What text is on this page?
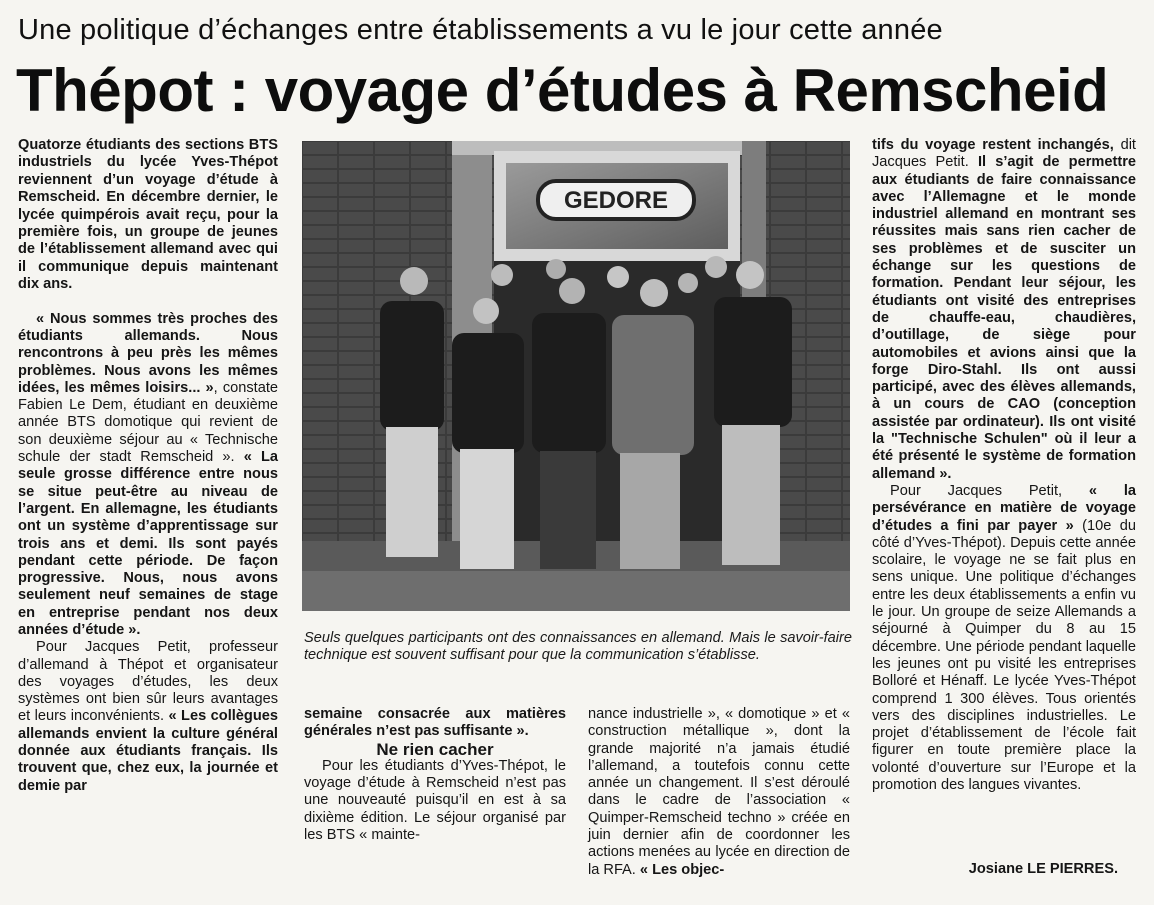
Une politique d’échanges entre établissements a vu le jour cette année
Thépot : voyage d’études à Remscheid

Quatorze étudiants des sections BTS industriels du lycée Yves-Thépot reviennent d’un voyage d’étude à Remscheid. En décembre dernier, le lycée quimpérois avait reçu, pour la première fois, un groupe de jeunes de l’établissement allemand avec qui il communique depuis maintenant dix ans.

« Nous sommes très proches des étudiants allemands. Nous rencontrons à peu près les mêmes problèmes. Nous avons les mêmes idées, les mêmes loisirs... », constate Fabien Le Dem, étudiant en deuxième année BTS domotique qui revient de son deuxième séjour au « Technische schule der stadt Remscheid ». « La seule grosse différence entre nous se situe peut-être au niveau de l’argent. En allemagne, les étudiants ont un système d’apprentissage sur trois ans et demi. Ils sont payés pendant cette période. De façon progressive. Nous, nous avons seulement neuf semaines de stage en entreprise pendant nos deux années d’étude ».

Pour Jacques Petit, professeur d’allemand à Thépot et organisateur des voyages d’études, les deux systèmes ont bien sûr leurs avantages et leurs inconvénients. « Les collègues allemands envient la culture général donnée aux étudiants français. Ils trouvent que, chez eux, la journée et demie par

GEDORE
Seuls quelques participants ont des connaissances en allemand. Mais le savoir-faire technique est souvent suffisant pour que la communication s’établisse.

semaine consacrée aux matières générales n’est pas suffisante ».

Ne rien cacher

Pour les étudiants d’Yves-Thépot, le voyage d’étude à Remscheid n’est pas une nouveauté puisqu’il en est à sa dixième édition. Le séjour organisé par les BTS « mainte-

nance industrielle », « domotique » et « construction métallique », dont la grande majorité n’a jamais étudié l’allemand, a toutefois connu cette année un changement. Il s’est déroulé dans le cadre de l’association « Quimper-Remscheid techno » créée en juin dernier afin de coordonner les actions menées au lycée en direction de la RFA. « Les objec-

tifs du voyage restent inchangés, dit Jacques Petit. Il s’agit de permettre aux étudiants de faire connaissance avec l’Allemagne et le monde industriel allemand en montrant ses réussites mais sans rien cacher de ses problèmes et de susciter un échange sur les questions de formation. Pendant leur séjour, les étudiants ont visité des entreprises de chauffe-eau, chaudières, d’outillage, de siège pour automobiles et avions ainsi que la forge Diro-Stahl. Ils ont aussi participé, avec des élèves allemands, à un cours de CAO (conception assistée par ordinateur). Ils ont visité la "Technische Schulen" où il leur a été présenté le système de formation allemand ».

Pour Jacques Petit, « la persévérance en matière de voyage d’études a fini par payer » (10e du côté d’Yves-Thépot). Depuis cette année scolaire, le voyage ne se fait plus en sens unique. Une politique d’échanges entre les deux établissements a enfin vu le jour. Un groupe de seize Allemands a séjourné à Quimper du 8 au 15 décembre. Une période pendant laquelle les jeunes ont pu visité les entreprises Bolloré et Hénaff. Le lycée Yves-Thépot comprend 1 300 élèves. Tous orientés vers des disciplines industrielles. Le projet d’établissement de l’école fait figurer en toute première place la volonté d’ouverture sur l’Europe et la promotion des langues vivantes.

Josiane LE PIERRES.
